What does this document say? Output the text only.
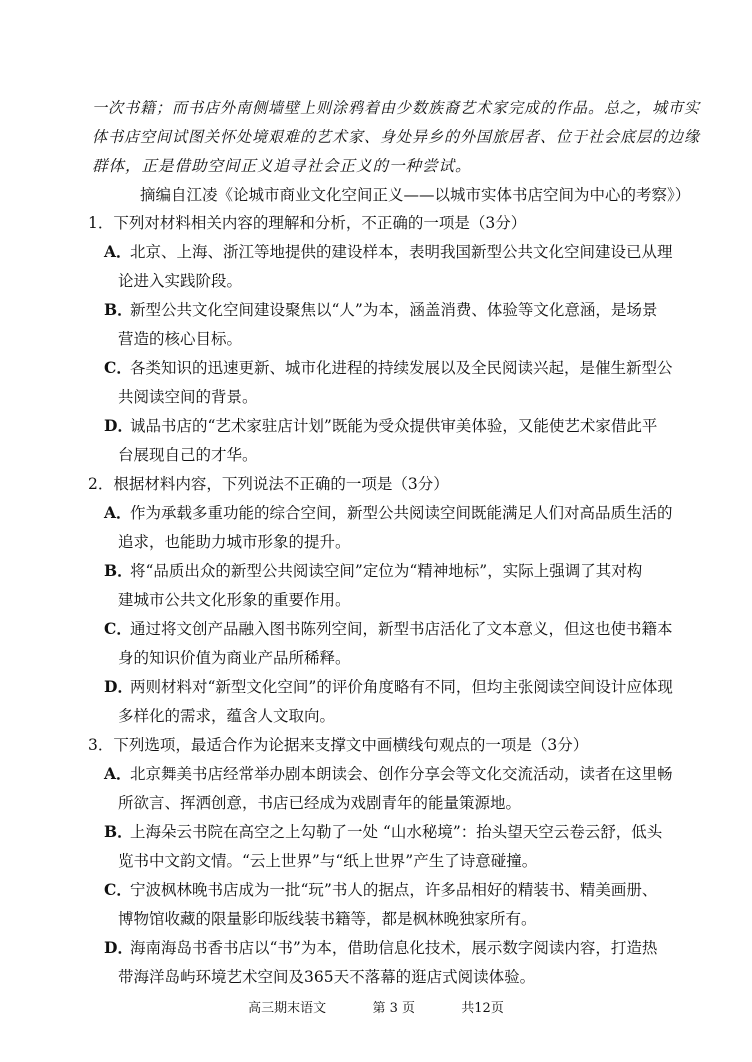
一次书籍；而书店外南侧墙壁上则涂鸦着由少数族裔艺术家完成的作品。总之，城市实
体书店空间试图关怀处境艰难的艺术家、身处异乡的外国旅居者、位于社会底层的边缘
群体，正是借助空间正义追寻社会正义的一种尝试。
摘编自江凌《论城市商业文化空间正义——以城市实体书店空间为中心的考察》）
1．下列对材料相关内容的理解和分析，不正确的一项是（3分）
A．
北京、上海、浙江等地提供的建设样本，表明我国新型公共文化空间建设已从理
论进入实践阶段。
B．
新型公共文化空间建设聚焦以“人”为本，涵盖消费、体验等文化意涵，是场景
营造的核心目标。
C．
各类知识的迅速更新、城市化进程的持续发展以及全民阅读兴起，是催生新型公
共阅读空间的背景。
D．
诚品书店的“艺术家驻店计划”既能为受众提供审美体验，又能使艺术家借此平
台展现自己的才华。
2．根据材料内容，下列说法不正确的一项是（3分）
A．
作为承载多重功能的综合空间，新型公共阅读空间既能满足人们对高品质生活的
追求，也能助力城市形象的提升。
B．
将“品质出众的新型公共阅读空间”定位为“精神地标”，实际上强调了其对构
建城市公共文化形象的重要作用。
C．
通过将文创产品融入图书陈列空间，新型书店活化了文本意义，但这也使书籍本
身的知识价值为商业产品所稀释。
D．
两则材料对“新型文化空间”的评价角度略有不同，但均主张阅读空间设计应体现
多样化的需求，蕴含人文取向。
3．下列选项，最适合作为论据来支撑文中画横线句观点的一项是（3分）
A．
北京舞美书店经常举办剧本朗读会、创作分享会等文化交流活动，读者在这里畅
所欲言、挥洒创意，书店已经成为戏剧青年的能量策源地。
B．
上海朵云书院在高空之上勾勒了一处 “山水秘境”：抬头望天空云卷云舒，低头
览书中文韵文情。“云上世界”与“纸上世界”产生了诗意碰撞。
C．
宁波枫林晚书店成为一批“玩”书人的据点，许多品相好的精装书、精美画册、
博物馆收藏的限量影印版线装书籍等，都是枫林晚独家所有。
D．
海南海岛书香书店以“书”为本，借助信息化技术，展示数字阅读内容，打造热
带海洋岛屿环境艺术空间及365天不落幕的逛店式阅读体验。
高三期末语文	第 3 页	共12页
